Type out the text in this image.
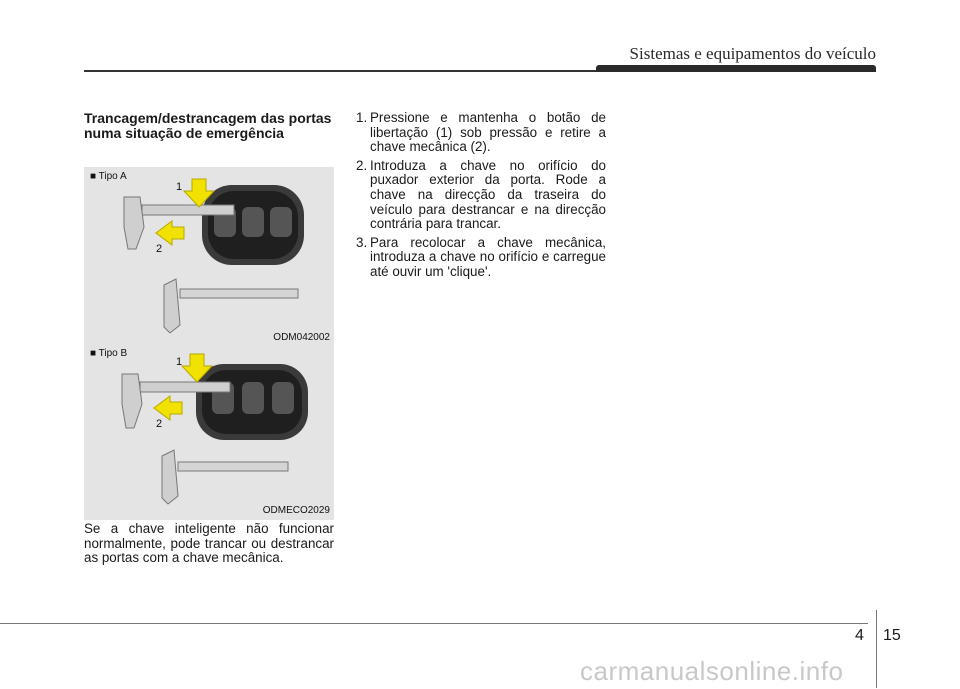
Sistemas e equipamentos do veículo
Trancagem/destrancagem das portas numa situação de emergência
■ Tipo A
1
2
ODM042002
■ Tipo B
1
2
ODMECO2029
Se a chave inteligente não funcionar normalmente, pode trancar ou destrancar as portas com a chave mecânica.
1. Pressione e mantenha o botão de libertação (1) sob pressão e retire a chave mecânica (2).
2. Introduza a chave no orifício do puxador exterior da porta. Rode a chave na direcção da traseira do veículo para destrancar e na direcção contrária para trancar.
3. Para recolocar a chave mecânica, introduza a chave no orifício e carregue até ouvir um 'clique'.
4 15
carmanualsonline.info
